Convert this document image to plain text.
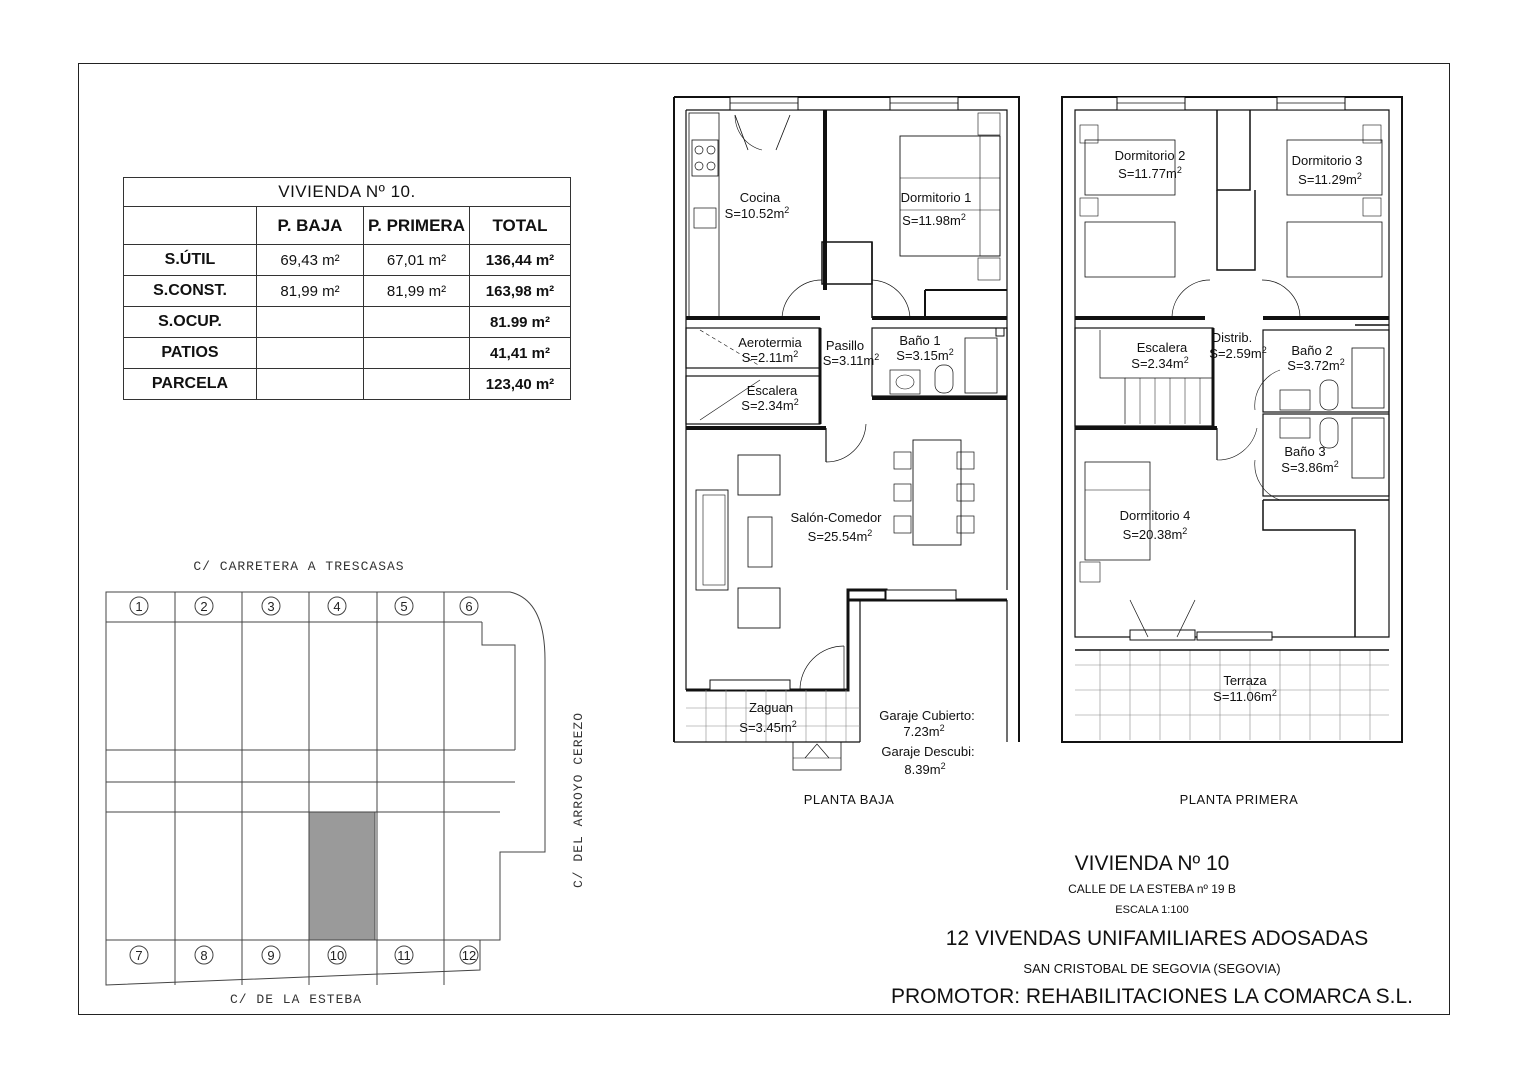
VIVIENDA Nº 10.			
	P. BAJA	P. PRIMERA	TOTAL
S.ÚTIL	69,43 m²	67,01 m²	136,44 m²
S.CONST.	81,99 m²	81,99 m²	163,98 m²
S.OCUP.			81.99 m²
PATIOS			41,41 m²
PARCELA			123,40 m²
C/ CARRETERA A TRESCASAS
C/ DE LA ESTEBA
C/ DEL ARROYO CEREZO
1	2	3	4	5	6
7	8	9	10	11	12
Cocina
$S=10.52m^2$
Dormitorio 1
$S=11.98m^2$
Aerotermia
$S=2.11m^2$
Pasillo
$S=3.11m^2$
Baño 1
$S=3.15m^2$
Escalera
$S=2.34m^2$
Salón-Comedor
$S=25.54m^2$
Zaguan
$S=3.45m^2$
Garaje Cubierto:
$7.23m^2$
Garaje Descubi:
$8.39m^2$
PLANTA BAJA
Dormitorio 2
$S=11.77m^2$
Dormitorio 3
$S=11.29m^2$
Escalera
$S=2.34m^2$
Distrib.
$S=2.59m^2$ Baño 2
$S=3.72m^2$
Baño 3
$S=3.86m^2$
Dormitorio 4
$S=20.38m^2$
Terraza
$S=11.06m^2$
PLANTA PRIMERA
VIVIENDA Nº 10
CALLE DE LA ESTEBA nº 19 B
ESCALA 1:100
12 VIVENDAS UNIFAMILIARES ADOSADAS
SAN CRISTOBAL DE SEGOVIA (SEGOVIA)
PROMOTOR: REHABILITACIONES LA COMARCA S.L.
